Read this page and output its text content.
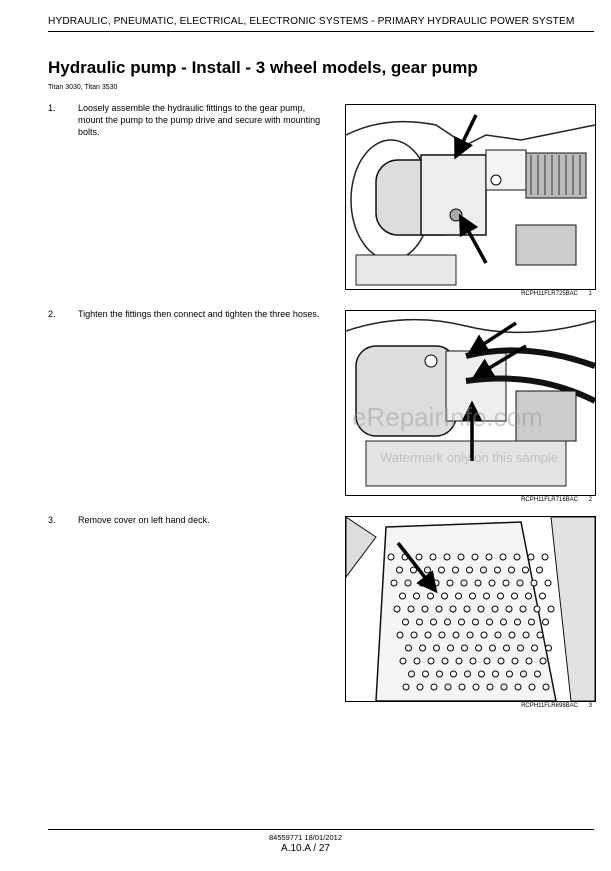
HYDRAULIC, PNEUMATIC, ELECTRICAL, ELECTRONIC SYSTEMS - PRIMARY HYDRAULIC POWER SYSTEM
Hydraulic pump - Install - 3 wheel models, gear pump
Titan 3030, Titan 3530
1. Loosely assemble the hydraulic fittings to the gear pump, mount the pump to the pump drive and secure with mounting bolts.
2. Tighten the fittings then connect and tighten the three hoses.
3. Remove cover on left hand deck.
RCPH11FLR725BAC 1
RCPH11FLR716BAC 2
RCPH11FLR698BAC 3
eRepairInfo.com
Watermark only on this sample
84559771 18/01/2012
A.10.A / 27
